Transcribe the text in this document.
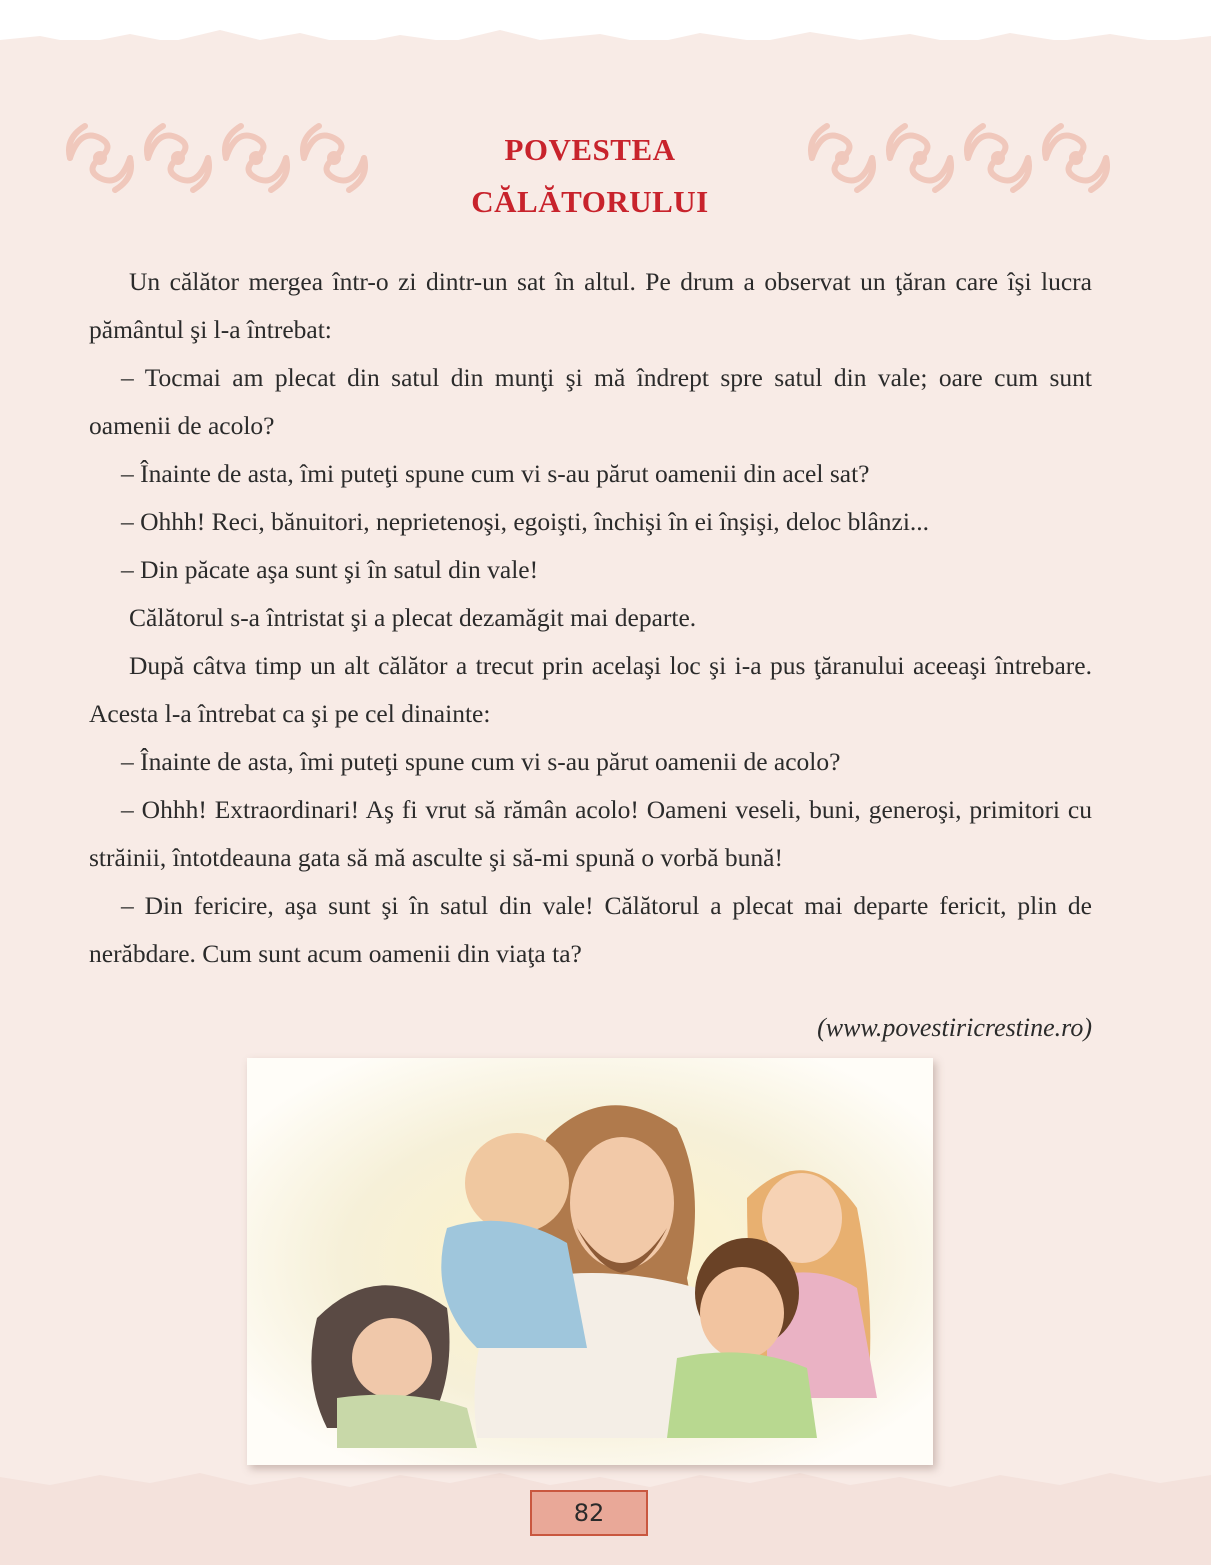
POVESTEA
CĂLĂTORULUI

Un călător mergea într-o zi dintr-un sat în altul. Pe drum a observat un ţăran care îşi lucra pământul şi l-a întrebat:

– Tocmai am plecat din satul din munţi şi mă îndrept spre satul din vale; oare cum sunt oamenii de acolo?

– Înainte de asta, îmi puteţi spune cum vi s-au părut oamenii din acel sat?

– Ohhh! Reci, bănuitori, neprietenoşi, egoişti, închişi în ei înşişi, deloc blânzi...

– Din păcate aşa sunt şi în satul din vale!

Călătorul s-a întristat şi a plecat dezamăgit mai departe.

După câtva timp un alt călător a trecut prin acelaşi loc şi i-a pus ţăranului aceeaşi întrebare. Acesta l-a întrebat ca şi pe cel dinainte:

– Înainte de asta, îmi puteţi spune cum vi s-au părut oamenii de acolo?

– Ohhh! Extraordinari! Aş fi vrut să rămân acolo! Oameni veseli, buni, generoşi, primitori cu străinii, întotdeauna gata să mă asculte şi să-mi spună o vorbă bună!

– Din fericire, aşa sunt şi în satul din vale! Călătorul a plecat mai departe fericit, plin de nerăbdare. Cum sunt acum oamenii din viaţa ta?

(www.povestiricrestine.ro)
82
